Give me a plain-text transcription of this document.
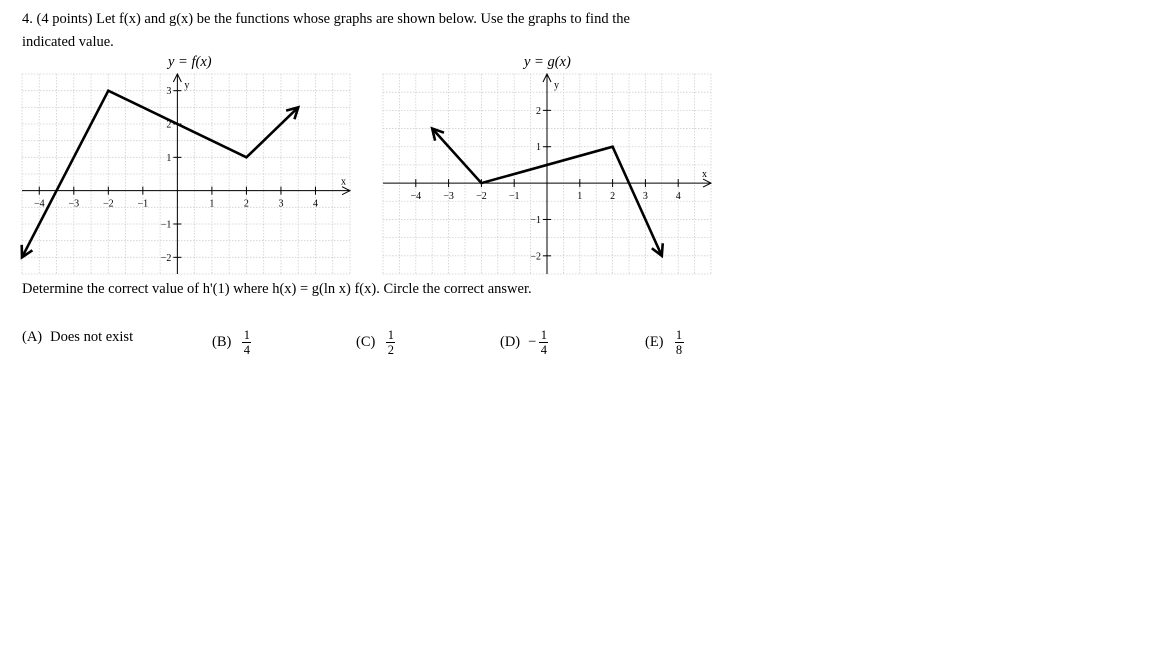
4. (4 points) Let f(x) and g(x) be the functions whose graphs are shown below. Use the graphs to find the
indicated value.
y = f(x)	y = g(x)
x
y
−4 −3 −2 −1	1	2	3	4
−2
−1
1
2
3
x
y
−4 −3 −2 −1	1	2	3	4
−2
−1
1
2
Determine the correct value of h'(1) where h(x) = g(ln x) f(x). Circle the correct answer.
(A) Does not exist	$(B) \frac{1}{4}$	$(C) \frac{1}{2}$	$(D) - \frac{1}{4}$	$(E) \frac{1}{8}$
